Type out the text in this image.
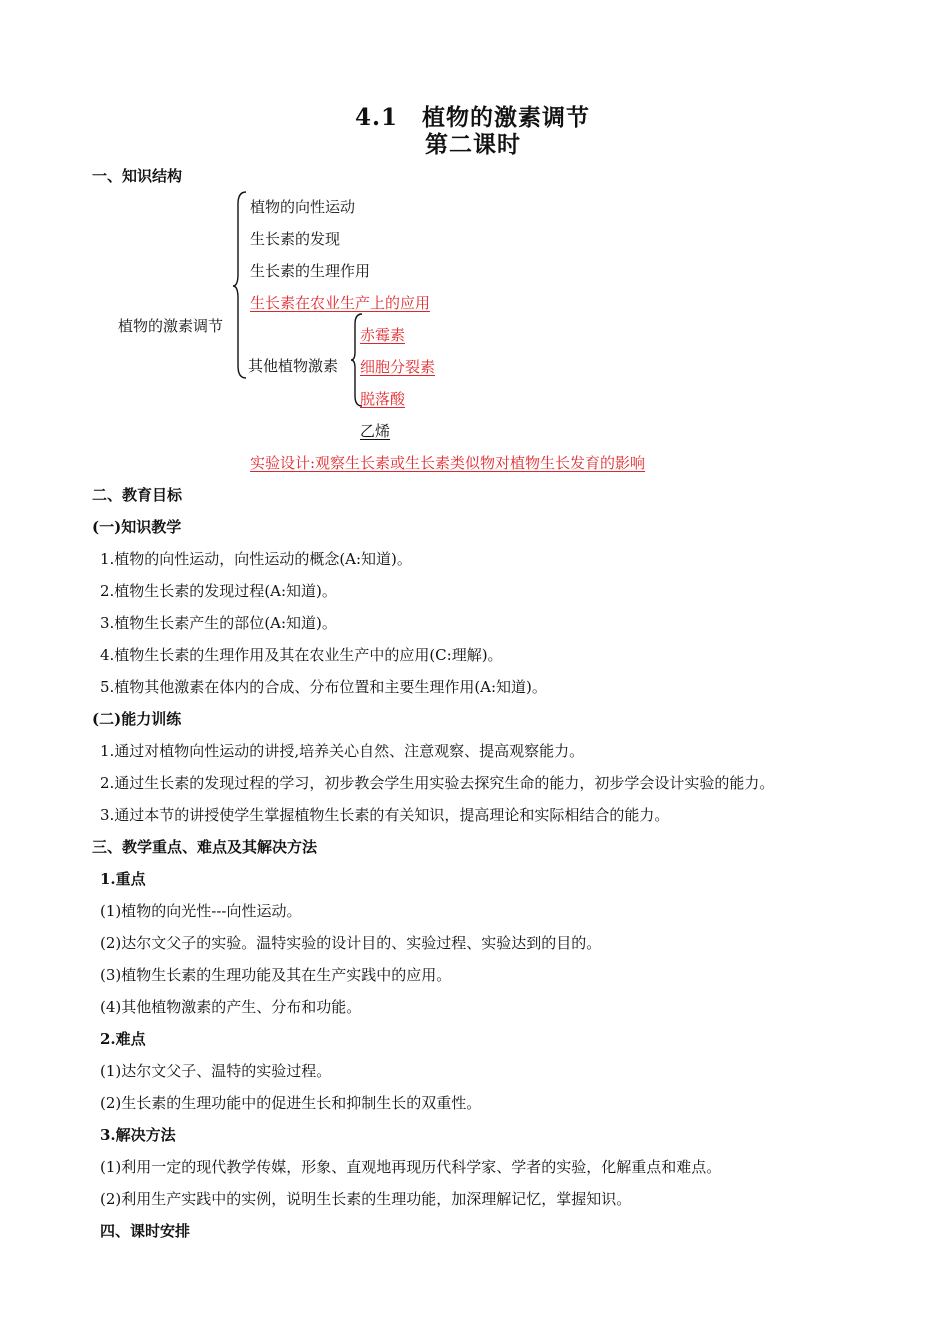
4.1　植物的激素调节
第二课时
一、知识结构
植物的激素调节
植物的向性运动
生长素的发现
生长素的生理作用
生长素在农业生产上的应用
其他植物激素
赤霉素
细胞分裂素
脱落酸
乙烯
实验设计:观察生长素或生长素类似物对植物生长发育的影响
二、教育目标
(一)知识教学
1.植物的向性运动，向性运动的概念(A:知道)。
2.植物生长素的发现过程(A:知道)。
3.植物生长素产生的部位(A:知道)。
4.植物生长素的生理作用及其在农业生产中的应用(C:理解)。
5.植物其他激素在体内的合成、分布位置和主要生理作用(A:知道)。
(二)能力训练
1.通过对植物向性运动的讲授,培养关心自然、注意观察、提高观察能力。
2.通过生长素的发现过程的学习，初步教会学生用实验去探究生命的能力，初步学会设计实验的能力。
3.通过本节的讲授使学生掌握植物生长素的有关知识，提高理论和实际相结合的能力。
三、教学重点、难点及其解决方法
1.重点
(1)植物的向光性---向性运动。
(2)达尔文父子的实验。温特实验的设计目的、实验过程、实验达到的目的。
(3)植物生长素的生理功能及其在生产实践中的应用。
(4)其他植物激素的产生、分布和功能。
2.难点
(1)达尔文父子、温特的实验过程。
(2)生长素的生理功能中的促进生长和抑制生长的双重性。
3.解决方法
(1)利用一定的现代教学传媒，形象、直观地再现历代科学家、学者的实验，化解重点和难点。
(2)利用生产实践中的实例，说明生长素的生理功能，加深理解记忆，掌握知识。
四、课时安排
